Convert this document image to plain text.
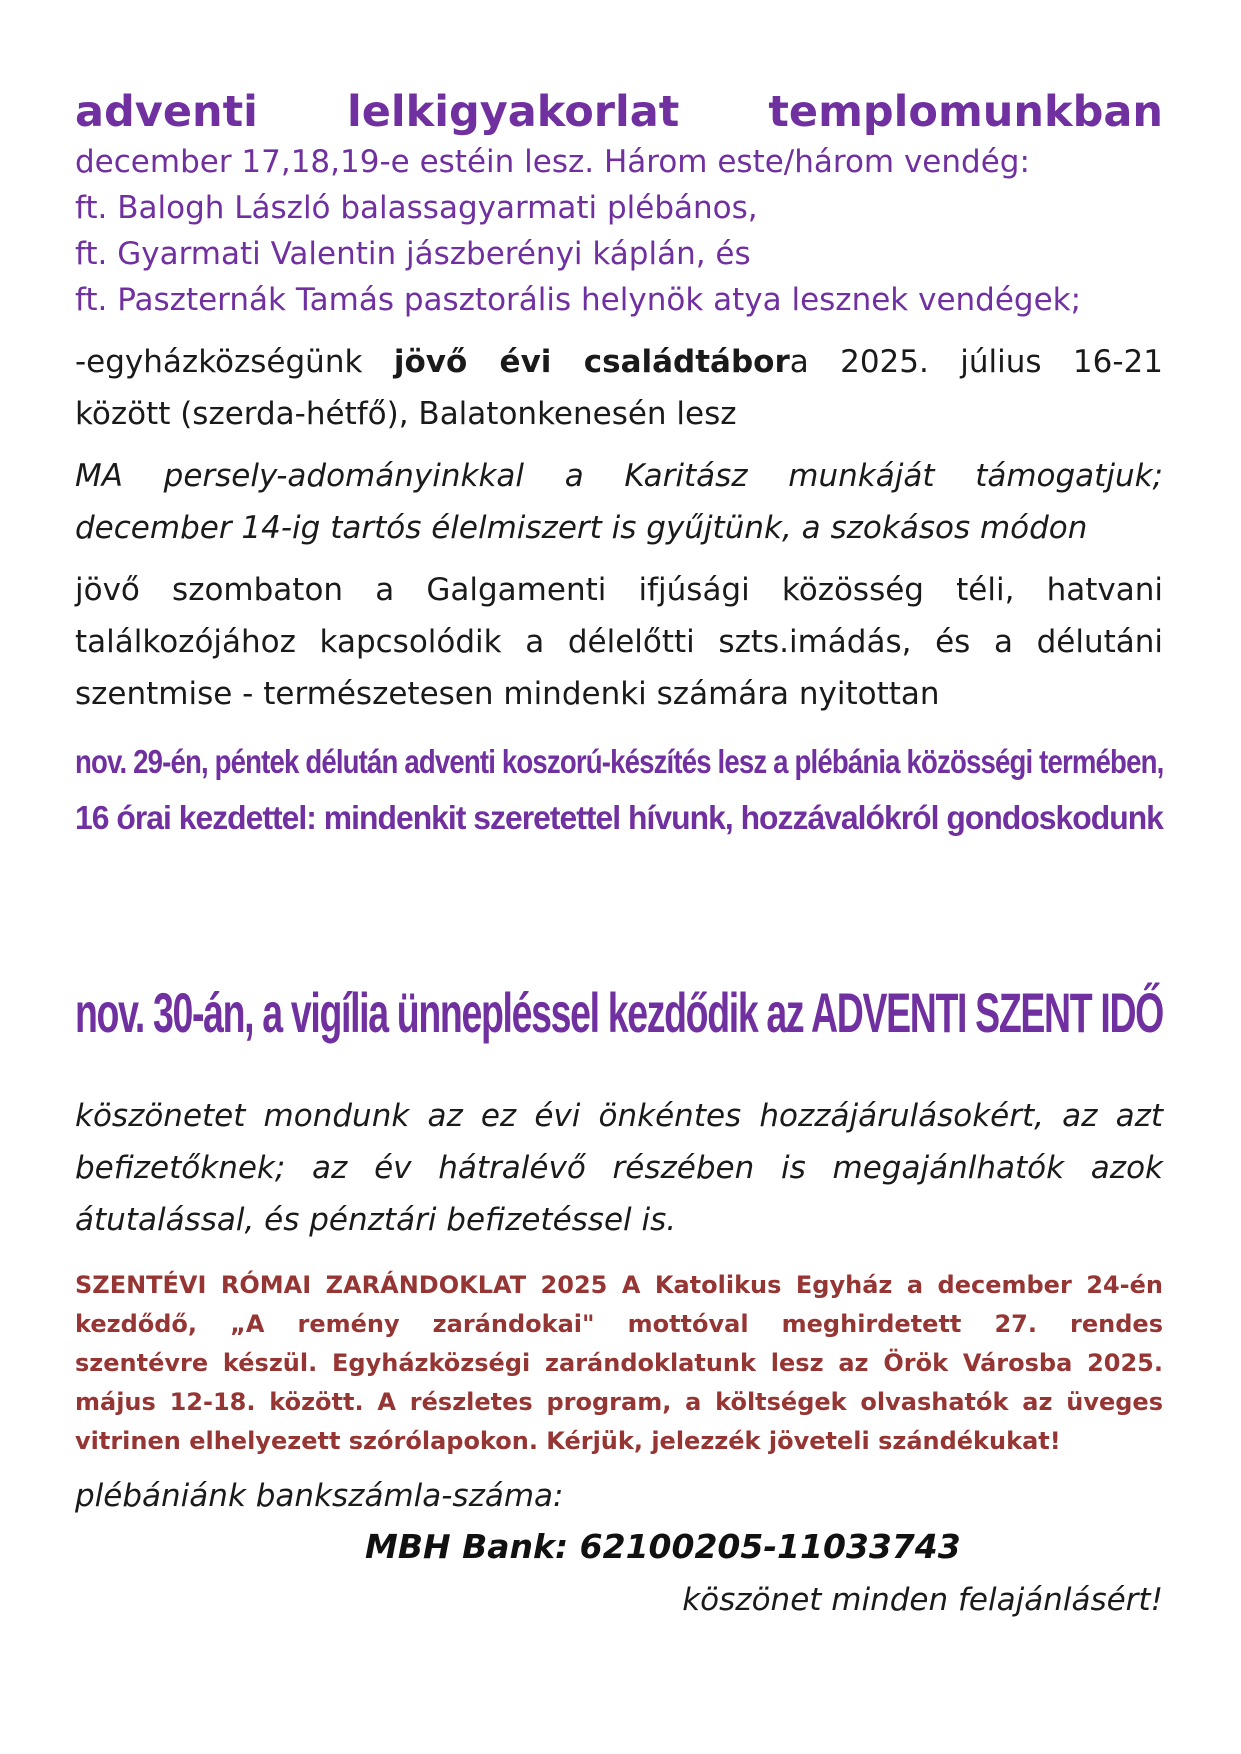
adventi lelkigyakorlat templomunkban
december 17,18,19-e estéin lesz. Három este/három vendég:
ft. Balogh László balassagyarmati plébános,
ft. Gyarmati Valentin jászberényi káplán, és
ft. Paszternák Tamás pasztorális helynök atya lesznek vendégek;
-egyházközségünk jövő évi családtábora 2025. július 16-21
között (szerda-hétfő), Balatonkenesén lesz
MA persely-adományinkkal a Karitász munkáját támogatjuk;
december 14-ig tartós élelmiszert is gyűjtünk, a szokásos módon
jövő szombaton a Galgamenti ifjúsági közösség téli, hatvani
találkozójához kapcsolódik a délelőtti szts.imádás, és a délutáni
szentmise - természetesen mindenki számára nyitottan
nov. 29-én, péntek délután adventi koszorú-készítés lesz a plébánia közösségi termében,
16 órai kezdettel: mindenkit szeretettel hívunk, hozzávalókról gondoskodunk
nov. 30-án, a vigília ünnepléssel kezdődik az ADVENTI SZENT IDŐ
köszönetet mondunk az ez évi önkéntes hozzájárulásokért, az azt
befizetőknek; az év hátralévő részében is megajánlhatók azok
átutalással, és pénztári befizetéssel is.
SZENTÉVI RÓMAI ZARÁNDOKLAT 2025 A Katolikus Egyház a december 24-én
kezdődő, „A remény zarándokai" mottóval meghirdetett 27. rendes
szentévre készül. Egyházközségi zarándoklatunk lesz az Örök Városba 2025.
május 12-18. között. A részletes program, a költségek olvashatók az üveges
vitrinen elhelyezett szórólapokon. Kérjük, jelezzék jöveteli szándékukat!
plébániánk bankszámla-száma:
MBH Bank: 62100205-11033743
köszönet minden felajánlásért!
